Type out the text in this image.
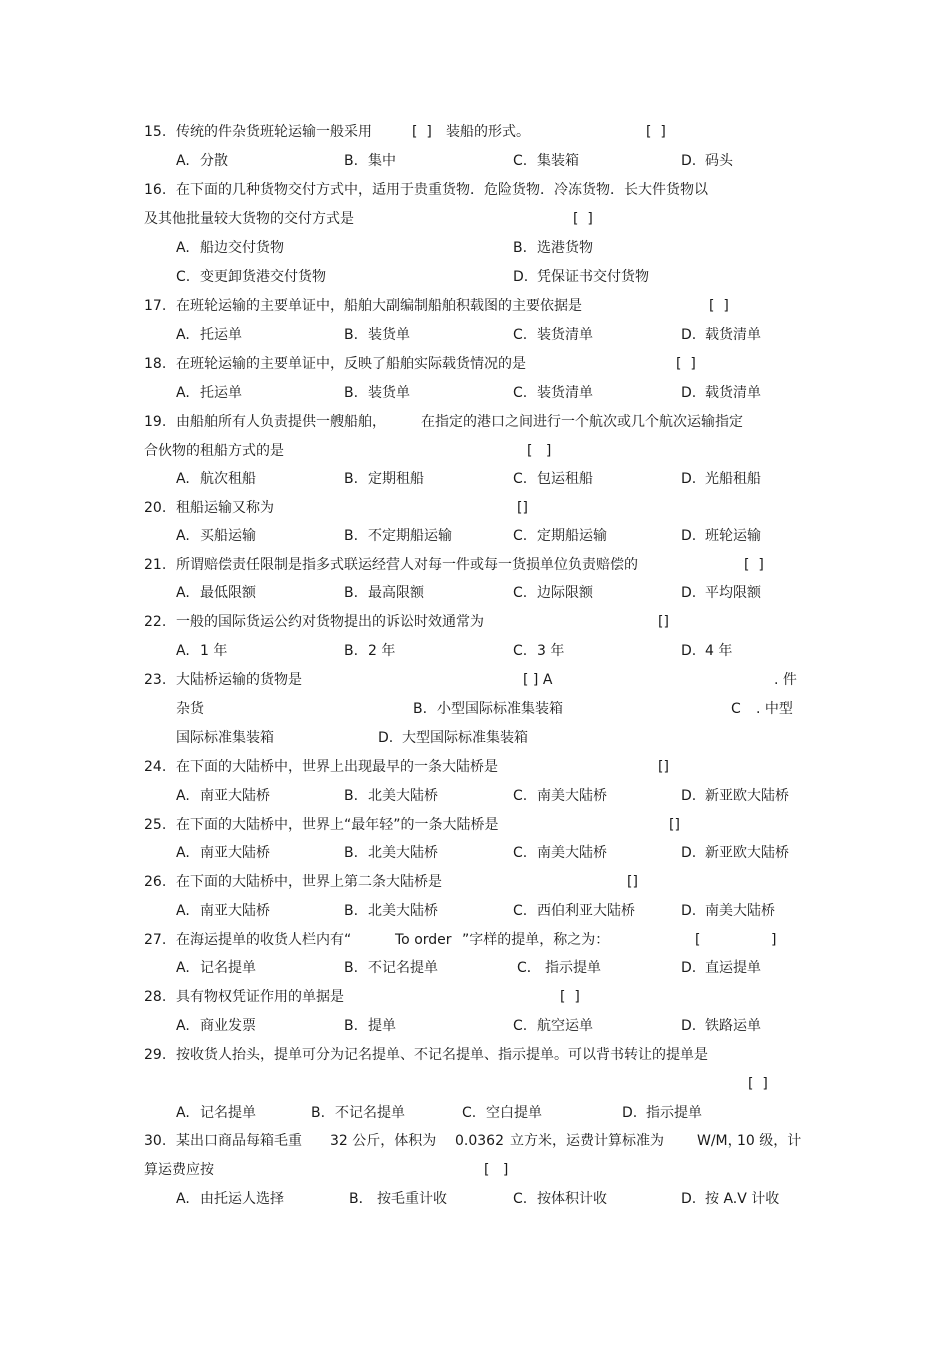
15. 传统的件杂货班轮运输一般采用	[  ] 装船的形式。	[  ]
A. 分散	B. 集中	C. 集装箱	D. 码头
16. 在下面的几种货物交付方式中，适用于贵重货物．危险货物．冷冻货物．长大件货物以
及其他批量较大货物的交付方式是	[  ]
A. 船边交付货物	B. 选港货物
C. 变更卸货港交付货物	D. 凭保证书交付货物
17. 在班轮运输的主要单证中，船舶大副编制船舶积载图的主要依据是	[  ]
A. 托运单	B. 装货单	C. 装货清单	D. 载货清单
18. 在班轮运输的主要单证中，反映了船舶实际载货情况的是	[  ]
A. 托运单	B. 装货单	C. 装货清单	D. 载货清单
19. 由船舶所有人负责提供一艘船舶，	在指定的港口之间进行一个航次或几个航次运输指定
合伙物的租船方式的是	[   ]
A. 航次租船	B. 定期租船	C. 包运租船	D. 光船租船
20. 租船运输又称为	[]
A. 买船运输	B. 不定期船运输	C. 定期船运输	D. 班轮运输
21. 所谓赔偿责任限制是指多式联运经营人对每一件或每一货损单位负责赔偿的	[  ]
A. 最低限额	B. 最高限额	C. 边际限额	D. 平均限额
22. 一般的国际货运公约对货物提出的诉讼时效通常为	[]
A. 1 年	B. 2 年	C. 3 年	D. 4 年
23. 大陆桥运输的货物是	[ ] A	. 件
杂货	B. 小型国际标准集装箱	C . 中型
国际标准集装箱	D. 大型国际标准集装箱
24. 在下面的大陆桥中，世界上出现最早的一条大陆桥是	[]
A. 南亚大陆桥	B. 北美大陆桥	C. 南美大陆桥	D. 新亚欧大陆桥
25. 在下面的大陆桥中，世界上“最年轻”的一条大陆桥是	[]
A. 南亚大陆桥	B. 北美大陆桥	C. 南美大陆桥	D. 新亚欧大陆桥
26. 在下面的大陆桥中，世界上第二条大陆桥是	[]
A. 南亚大陆桥	B. 北美大陆桥	C. 西伯利亚大陆桥	D. 南美大陆桥
27. 在海运提单的收货人栏内有“	To order ”字样的提单，称之为：	[	]
A. 记名提单	B. 不记名提单	C． 指示提单	D. 直运提单
28. 具有物权凭证作用的单据是	[  ]
A. 商业发票	B. 提单	C. 航空运单	D. 铁路运单
29. 按收货人抬头，提单可分为记名提单、不记名提单、指示提单。可以背书转让的提单是
[  ]
A. 记名提单	B. 不记名提单	C. 空白提单	D. 指示提单
30. 某出口商品每箱毛重 32 公斤，体积为 0.0362 立方米，运费计算标准为 W/M，
10 级，计
算运费应按	[   ]
A. 由托运人选择	B． 按毛重计收	C. 按体积计收	D. 按 A.V 计收
